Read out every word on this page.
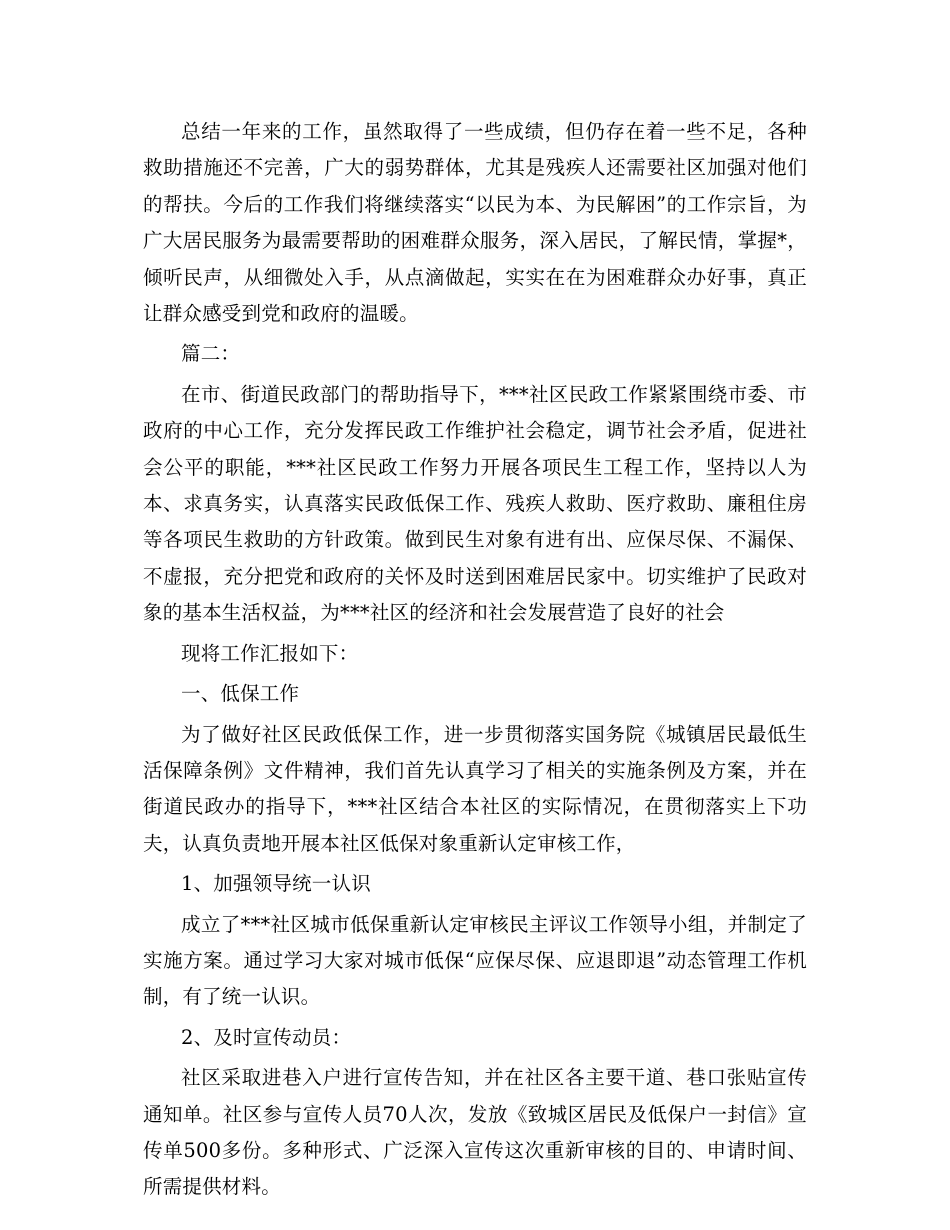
总结一年来的工作，虽然取得了一些成绩，但仍存在着一些不足，各种救助措施还不完善，广大的弱势群体，尤其是残疾人还需要社区加强对他们的帮扶。今后的工作我们将继续落实“以民为本、为民解困”的工作宗旨，为广大居民服务为最需要帮助的困难群众服务，深入居民，了解民情，掌握*，倾听民声，从细微处入手，从点滴做起，实实在在为困难群众办好事，真正让群众感受到党和政府的温暖。

篇二：

在市、街道民政部门的帮助指导下，***社区民政工作紧紧围绕市委、市政府的中心工作，充分发挥民政工作维护社会稳定，调节社会矛盾，促进社会公平的职能，***社区民政工作努力开展各项民生工程工作，坚持以人为本、求真务实，认真落实民政低保工作、残疾人救助、医疗救助、廉租住房等各项民生救助的方针政策。做到民生对象有进有出、应保尽保、不漏保、不虚报，充分把党和政府的关怀及时送到困难居民家中。切实维护了民政对象的基本生活权益，为***社区的经济和社会发展营造了良好的社会

现将工作汇报如下：

一、低保工作

为了做好社区民政低保工作，进一步贯彻落实国务院《城镇居民最低生活保障条例》文件精神，我们首先认真学习了相关的实施条例及方案，并在街道民政办的指导下，***社区结合本社区的实际情况，在贯彻落实上下功夫，认真负责地开展本社区低保对象重新认定审核工作，

1、加强领导统一认识

成立了***社区城市低保重新认定审核民主评议工作领导小组，并制定了实施方案。通过学习大家对城市低保“应保尽保、应退即退”动态管理工作机制，有了统一认识。

2、及时宣传动员：

社区采取进巷入户进行宣传告知，并在社区各主要干道、巷口张贴宣传通知单。社区参与宣传人员70人次，发放《致城区居民及低保户一封信》宣传单500多份。多种形式、广泛深入宣传这次重新审核的目的、申请时间、所需提供材料。
